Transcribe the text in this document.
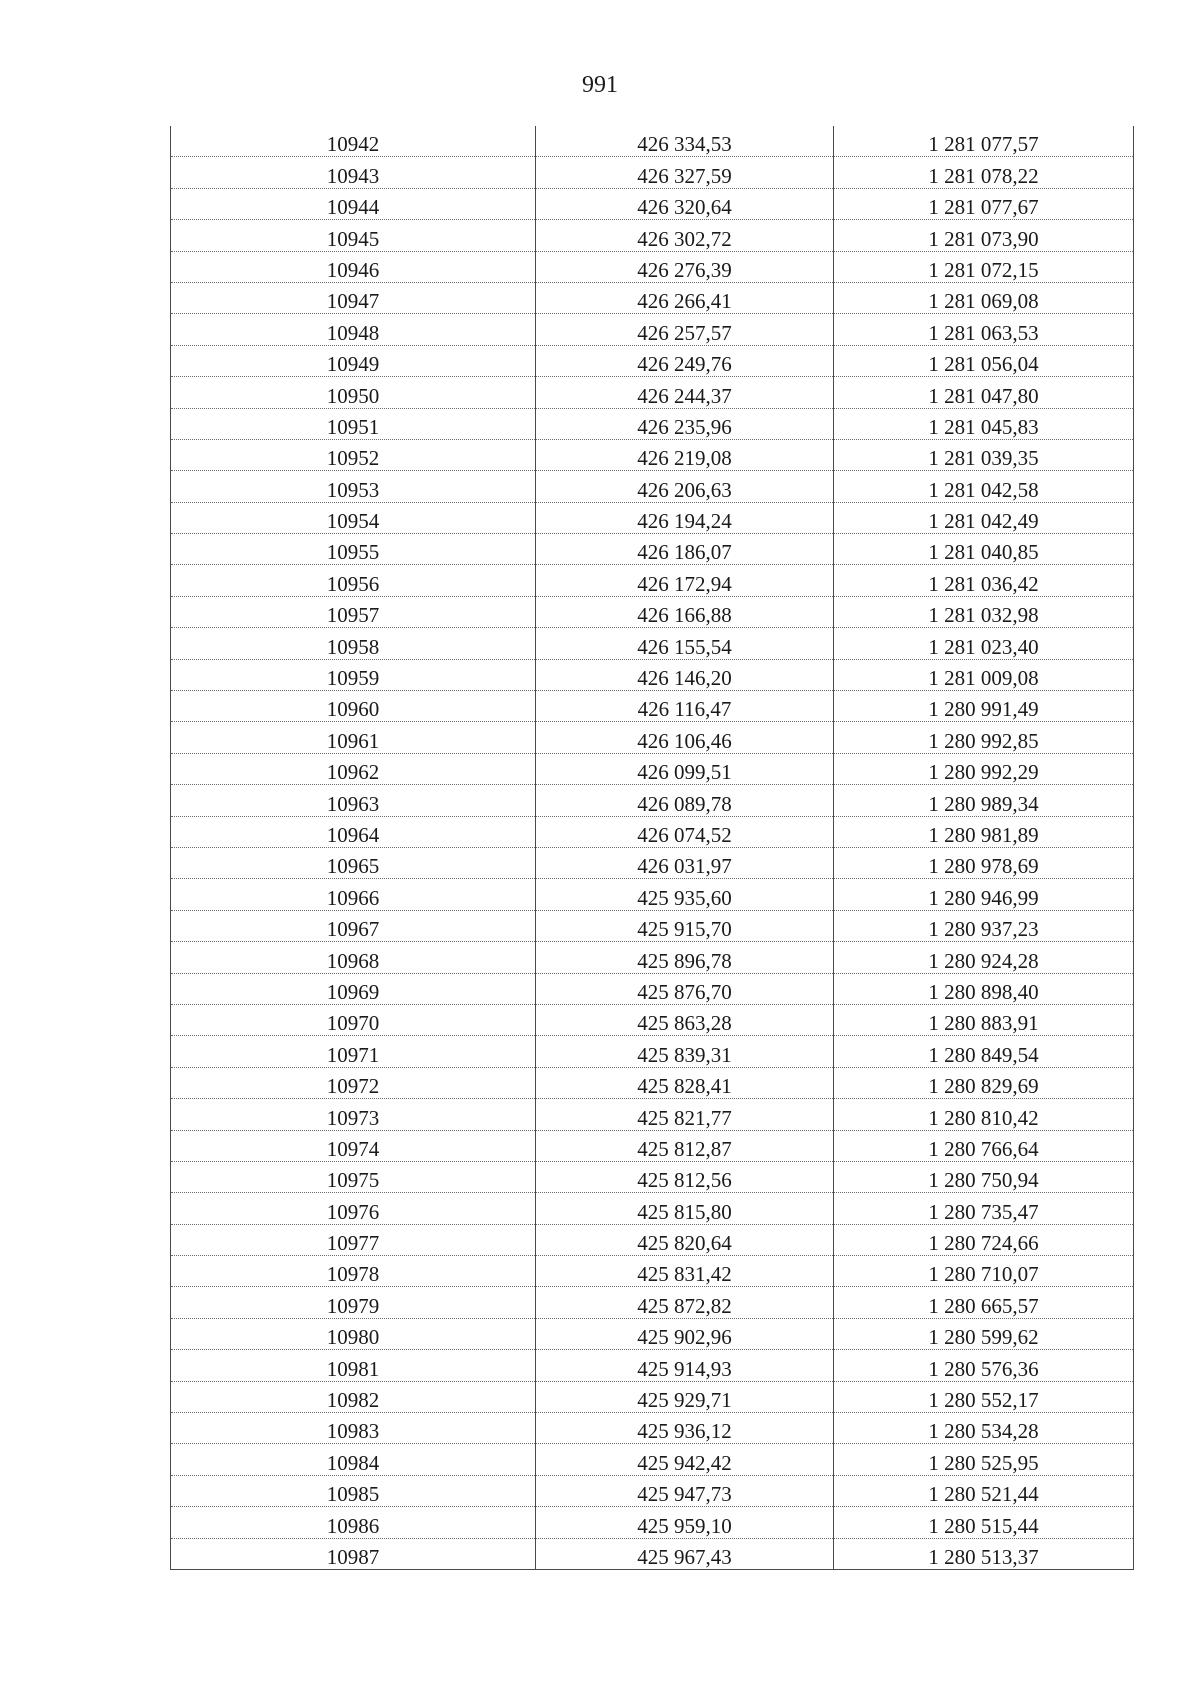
991
10942	426 334,53	1 281 077,57
10943	426 327,59	1 281 078,22
10944	426 320,64	1 281 077,67
10945	426 302,72	1 281 073,90
10946	426 276,39	1 281 072,15
10947	426 266,41	1 281 069,08
10948	426 257,57	1 281 063,53
10949	426 249,76	1 281 056,04
10950	426 244,37	1 281 047,80
10951	426 235,96	1 281 045,83
10952	426 219,08	1 281 039,35
10953	426 206,63	1 281 042,58
10954	426 194,24	1 281 042,49
10955	426 186,07	1 281 040,85
10956	426 172,94	1 281 036,42
10957	426 166,88	1 281 032,98
10958	426 155,54	1 281 023,40
10959	426 146,20	1 281 009,08
10960	426 116,47	1 280 991,49
10961	426 106,46	1 280 992,85
10962	426 099,51	1 280 992,29
10963	426 089,78	1 280 989,34
10964	426 074,52	1 280 981,89
10965	426 031,97	1 280 978,69
10966	425 935,60	1 280 946,99
10967	425 915,70	1 280 937,23
10968	425 896,78	1 280 924,28
10969	425 876,70	1 280 898,40
10970	425 863,28	1 280 883,91
10971	425 839,31	1 280 849,54
10972	425 828,41	1 280 829,69
10973	425 821,77	1 280 810,42
10974	425 812,87	1 280 766,64
10975	425 812,56	1 280 750,94
10976	425 815,80	1 280 735,47
10977	425 820,64	1 280 724,66
10978	425 831,42	1 280 710,07
10979	425 872,82	1 280 665,57
10980	425 902,96	1 280 599,62
10981	425 914,93	1 280 576,36
10982	425 929,71	1 280 552,17
10983	425 936,12	1 280 534,28
10984	425 942,42	1 280 525,95
10985	425 947,73	1 280 521,44
10986	425 959,10	1 280 515,44
10987	425 967,43	1 280 513,37
